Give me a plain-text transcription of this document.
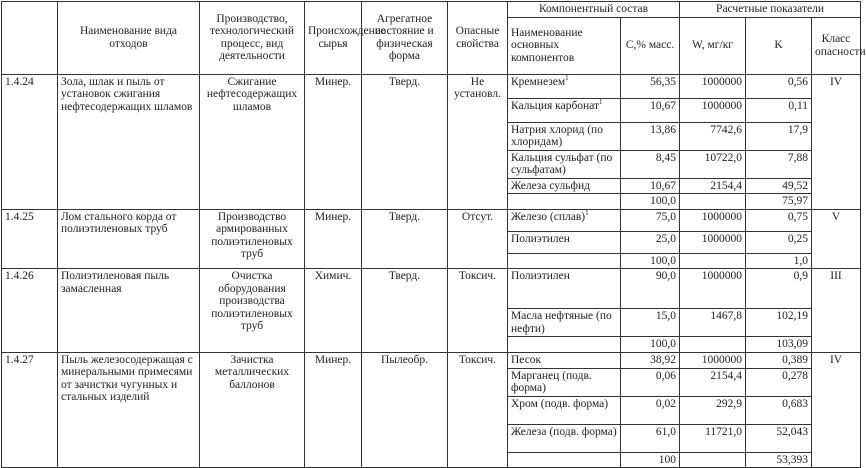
	Наименование вида отходов	Производство, технологический процесс, вид деятельности	Происхождение сырья	Агрегатное состояние и физическая форма	Опасные свойства	Компонентный состав		Расчетные показатели		
						Наименование основных компонентов	С,% масс.	W, мг/кг	K	Класс опасности
1.4.24	Зола, шлак и пыль от установок сжигания нефтесодержащих шламов	Сжигание нефтесодержащих шламов	Минер.	Тверд.	Не установл.	Кремнезем$^1$	56,35	1000000	0,56	IV
						Кальция карбонат$^1$	10,67	1000000	0,11	
						Натрия хлорид (по хлоридам)	13,86	7742,6	17,9	
						Кальция сульфат (по сульфатам)	8,45	10722,0	7,88	
						Железа сульфид	10,67	2154,4	49,52	
							100,0		75,97	
1.4.25	Лом стального корда от полиэтиленовых труб	Производство армированных полиэтиленовых труб	Минер.	Тверд.	Отсут.	Железо (сплав)$^1$	75,0	1000000	0,75	V
						Полиэтилен	25,0	1000000	0,25	
							100,0		1,0	
1.4.26	Полиэтиленовая пыль замасленная	Очистка оборудования производства полиэтиленовых труб	Химич.	Тверд.	Токсич.	Полиэтилен	90,0	1000000	0,9	III
						Масла нефтяные (по нефти)	15,0	1467,8	102,19	
							100,0		103,09	
1.4.27	Пыль железосодержащая с минеральными примесями от зачистки чугунных и стальных изделий	Зачистка металлических баллонов	Минер.	Пылеобр.	Токсич.	Песок	38,92	1000000	0,389	IV
						Марганец (подв. форма)	0,06	2154,4	0,278	
						Хром (подв. форма)	0,02	292,9	0,683	
						Железа (подв. форма)	61,0	11721,0	52,043	
							100		53,393	
